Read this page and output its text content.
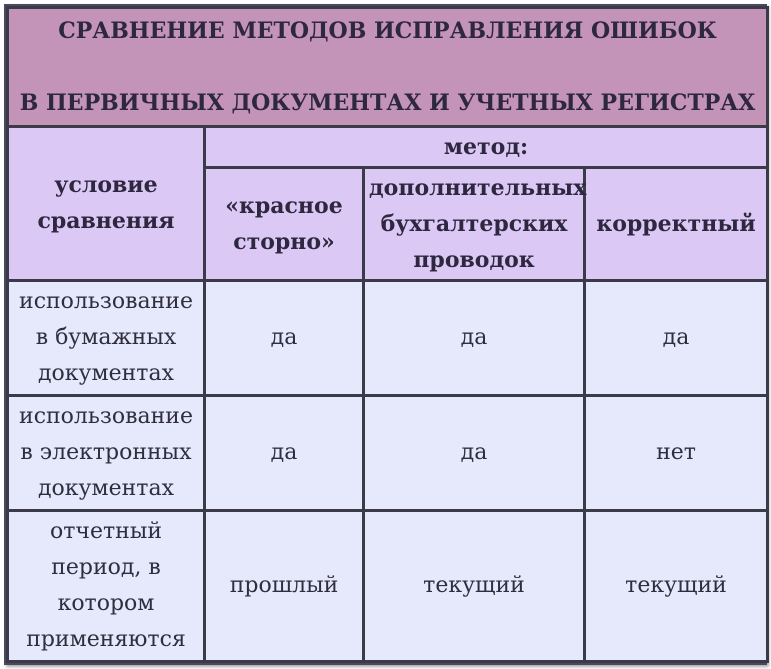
СРАВНЕНИЕ МЕТОДОВ ИСПРАВЛЕНИЯ ОШИБОК
В ПЕРВИЧНЫХ ДОКУМЕНТАХ И УЧЕТНЫХ РЕГИСТРАХ			
условие сравнения	метод:		
	«красное сторно»	дополнительных бухгалтерских проводок	корректный
использование в бумажных документах	да	да	да
использование в электронных документах	да	да	нет
отчетный период, в котором применяются	прошлый	текущий	текущий
